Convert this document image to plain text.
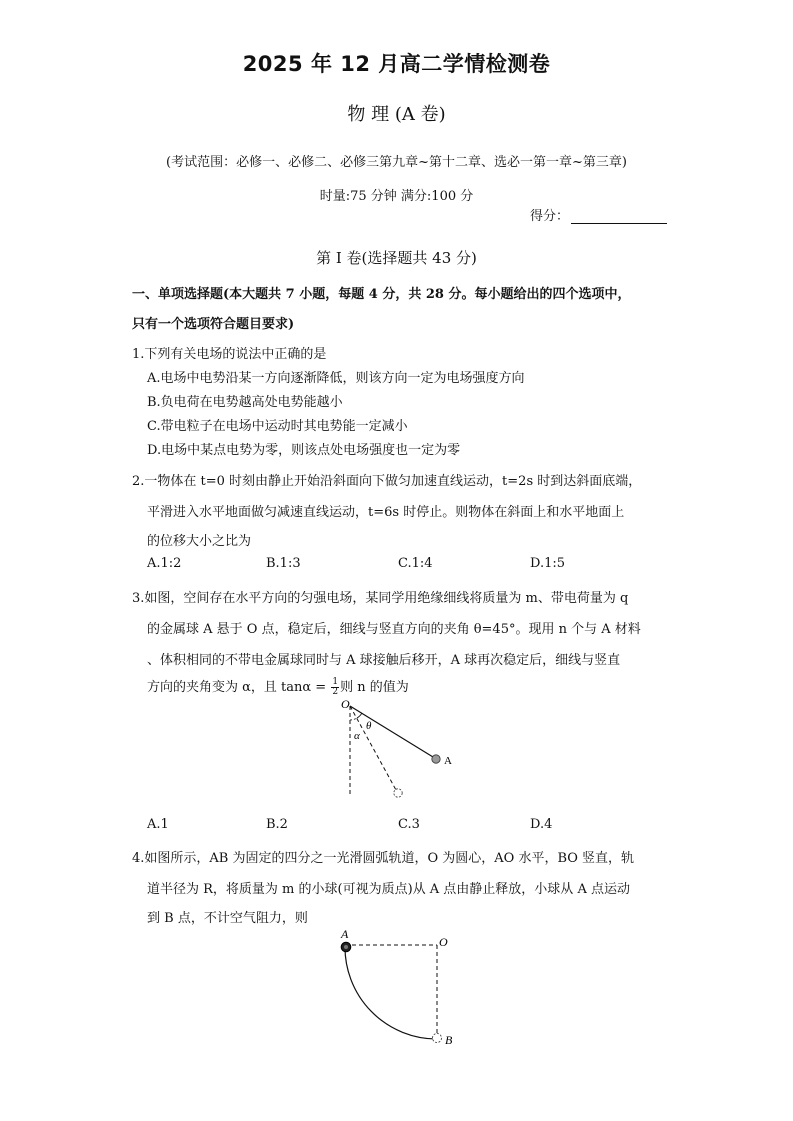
2025 年 12 月高二学情检测卷
物 理 (A 卷)
(考试范围：必修一、必修二、必修三第九章~第十二章、选必一第一章~第三章)
时量:75 分钟 满分:100 分
得分：
第 I 卷(选择题共 43 分)
一、单项选择题(本大题共 7 小题，每题 4 分，共 28 分。每小题给出的四个选项中，
只有一个选项符合题目要求)
1.下列有关电场的说法中正确的是
A.电场中电势沿某一方向逐渐降低，则该方向一定为电场强度方向
B.负电荷在电势越高处电势能越小
C.带电粒子在电场中运动时其电势能一定减小
D.电场中某点电势为零，则该点处电场强度也一定为零
2.一物体在 t=0 时刻由静止开始沿斜面向下做匀加速直线运动，t=2s 时到达斜面底端，
平滑进入水平地面做匀减速直线运动，t=6s 时停止。则物体在斜面上和水平地面上
的位移大小之比为
A.1:2	B.1:3	C.1:4	D.1:5
3.如图，空间存在水平方向的匀强电场，某同学用绝缘细线将质量为 m、带电荷量为 q
的金属球 A 悬于 O 点，稳定后，细线与竖直方向的夹角 θ=45°。现用 n 个与 A 材料
、体积相同的不带电金属球同时与 A 球接触后移开，A 球再次稳定后，细线与竖直
方向的夹角变为 α，且 $\tan\alpha = \frac{1}{2}$ 则 n 的值为
O
θ
α
A
A.1	B.2	C.3	D.4
4.如图所示，AB 为固定的四分之一光滑圆弧轨道，O 为圆心，AO 水平，BO 竖直，轨
道半径为 R，将质量为 m 的小球(可视为质点)从 A 点由静止释放，小球从 A 点运动
到 B 点，不计空气阻力，则
A
O
B
